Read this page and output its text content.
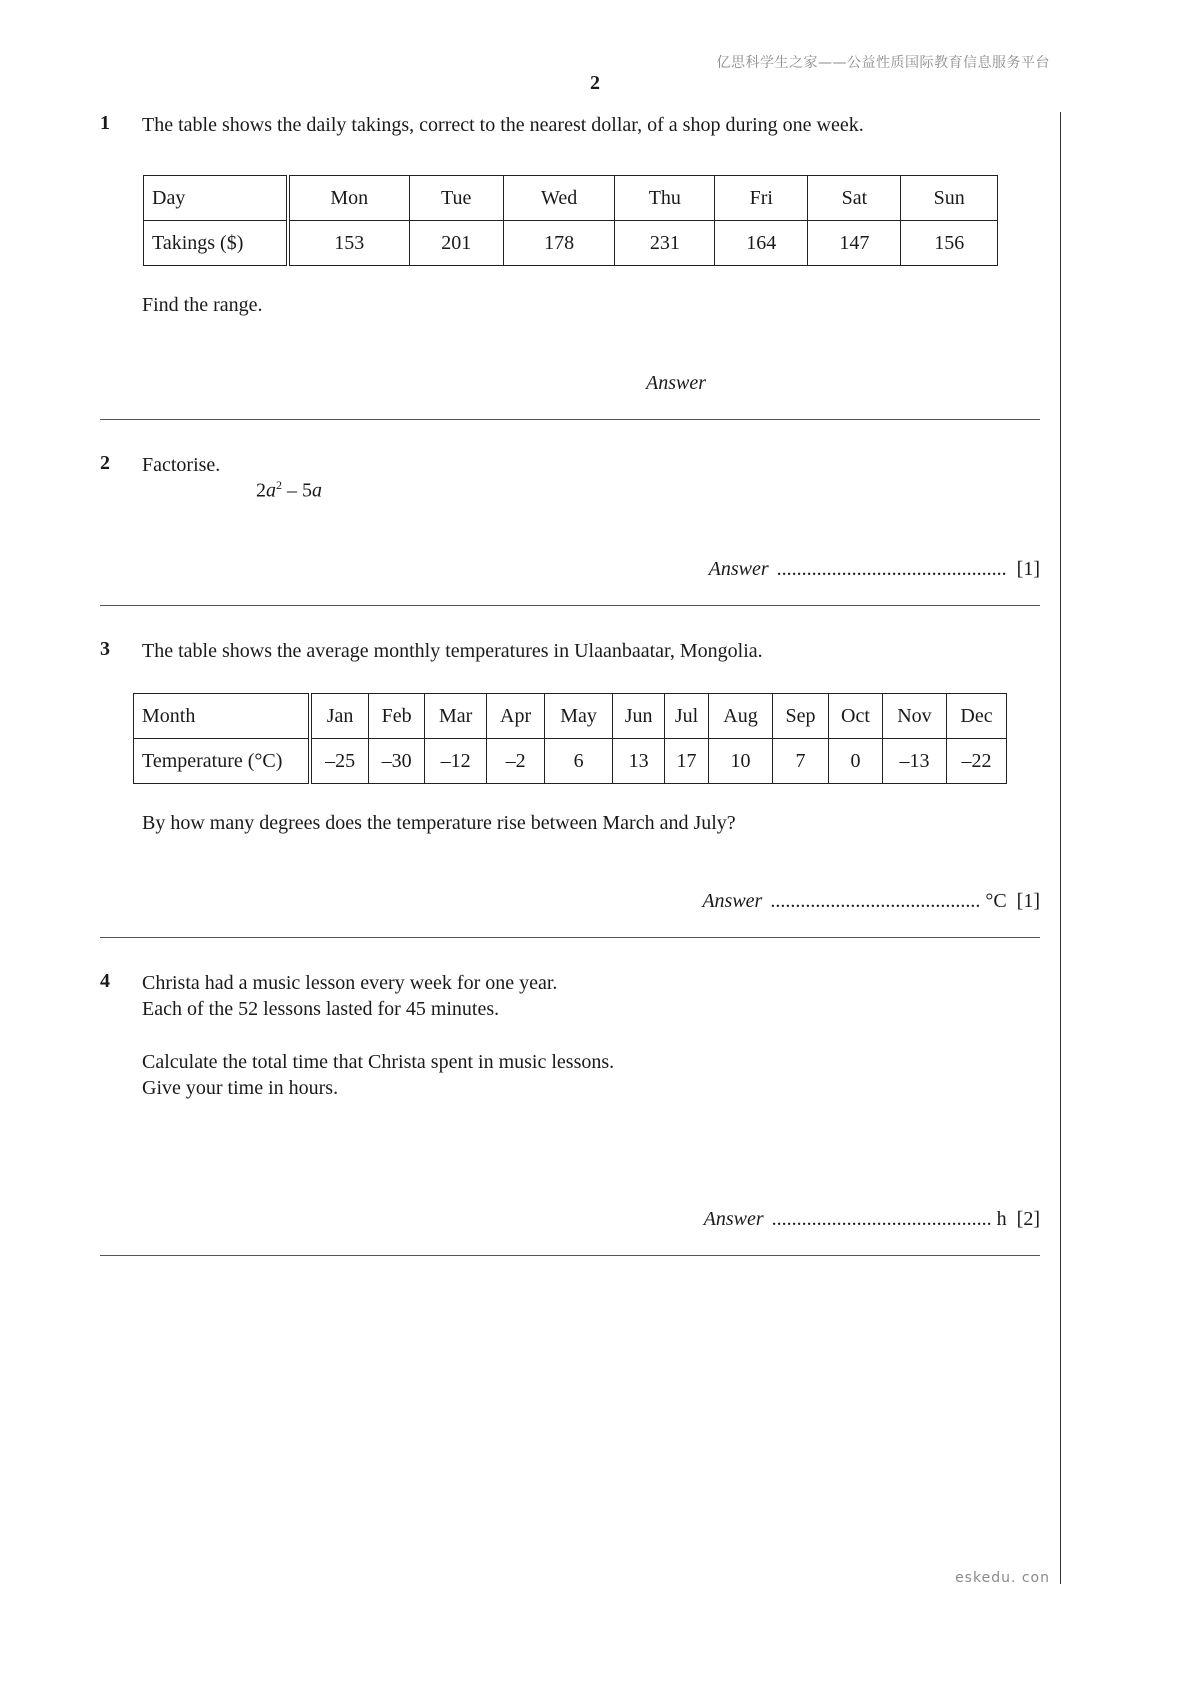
亿思科学生之家——公益性质国际教育信息服务平台
2
1 The table shows the daily takings, correct to the nearest dollar, of a shop during one week.
Day	Mon	Tue	Wed	Thu	Fri	Sat	Sun
Takings ($)	153	201	178	231	164	147	156
Find the range.
Answer
2 Factorise.
$2a^2 - 5a$
Answer .............................................. [1]
3 The table shows the average monthly temperatures in Ulaanbaatar, Mongolia.
Month	Jan	Feb	Mar	Apr	May	Jun	Jul	Aug	Sep	Oct	Nov	Dec
Temperature (°C)	–25	–30	–12	–2	6	13	17	10	7	0	–13	–22
By how many degrees does the temperature rise between March and July?
Answer .......................................... °C [1]
4 Christa had a music lesson every week for one year.
Each of the 52 lessons lasted for 45 minutes.
Calculate the total time that Christa spent in music lessons.
Give your time in hours.
Answer ............................................ h [2]
eskedu. con
